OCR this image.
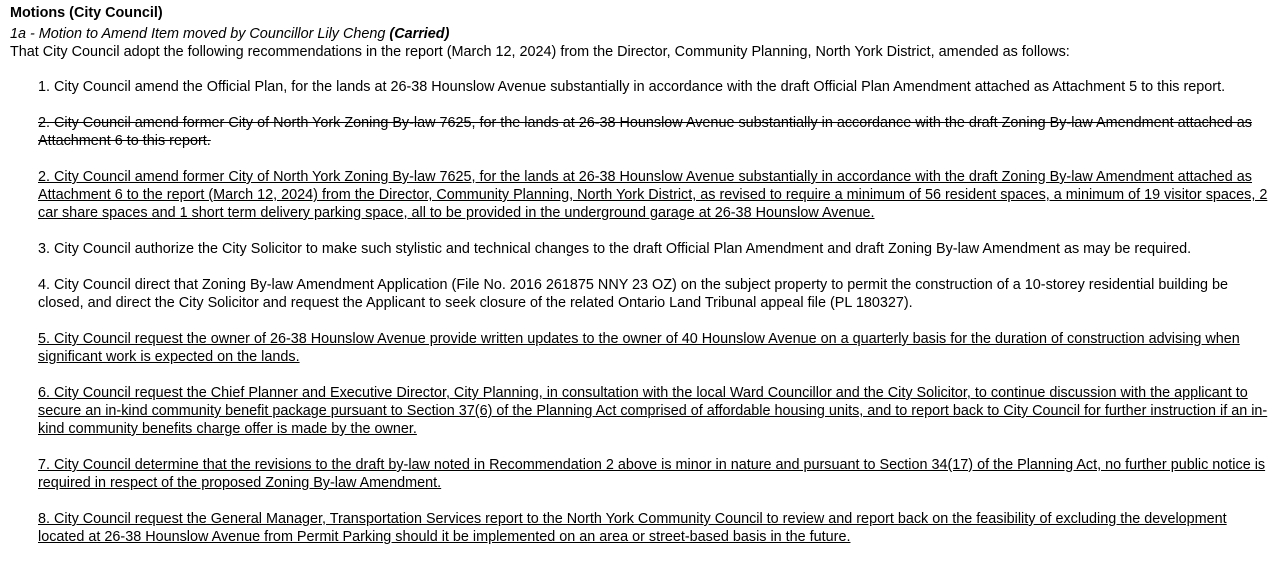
Motions (City Council)
1a - Motion to Amend Item moved by Councillor Lily Cheng (Carried)
That City Council adopt the following recommendations in the report (March 12, 2024) from the Director, Community Planning, North York District, amended as follows:
1. City Council amend the Official Plan, for the lands at 26-38 Hounslow Avenue substantially in accordance with the draft Official Plan Amendment attached as Attachment 5 to this report.
2. City Council amend former City of North York Zoning By-law 7625, for the lands at 26-38 Hounslow Avenue substantially in accordance with the draft Zoning By-law Amendment attached as Attachment 6 to this report.
2. City Council amend former City of North York Zoning By-law 7625, for the lands at 26-38 Hounslow Avenue substantially in accordance with the draft Zoning By-law Amendment attached as Attachment 6 to the report (March 12, 2024) from the Director, Community Planning, North York District, as revised to require a minimum of 56 resident spaces, a minimum of 19 visitor spaces, 2 car share spaces and 1 short term delivery parking space, all to be provided in the underground garage at 26-38 Hounslow Avenue.
3. City Council authorize the City Solicitor to make such stylistic and technical changes to the draft Official Plan Amendment and draft Zoning By-law Amendment as may be required.
4. City Council direct that Zoning By-law Amendment Application (File No. 2016 261875 NNY 23 OZ) on the subject property to permit the construction of a 10-storey residential building be closed, and direct the City Solicitor and request the Applicant to seek closure of the related Ontario Land Tribunal appeal file (PL 180327).
5. City Council request the owner of 26-38 Hounslow Avenue provide written updates to the owner of 40 Hounslow Avenue on a quarterly basis for the duration of construction advising when significant work is expected on the lands.
6. City Council request the Chief Planner and Executive Director, City Planning, in consultation with the local Ward Councillor and the City Solicitor, to continue discussion with the applicant to secure an in-kind community benefit package pursuant to Section 37(6) of the Planning Act comprised of affordable housing units, and to report back to City Council for further instruction if an in-kind community benefits charge offer is made by the owner.
7. City Council determine that the revisions to the draft by-law noted in Recommendation 2 above is minor in nature and pursuant to Section 34(17) of the Planning Act, no further public notice is required in respect of the proposed Zoning By-law Amendment.
8. City Council request the General Manager, Transportation Services report to the North York Community Council to review and report back on the feasibility of excluding the development located at 26-38 Hounslow Avenue from Permit Parking should it be implemented on an area or street-based basis in the future.
